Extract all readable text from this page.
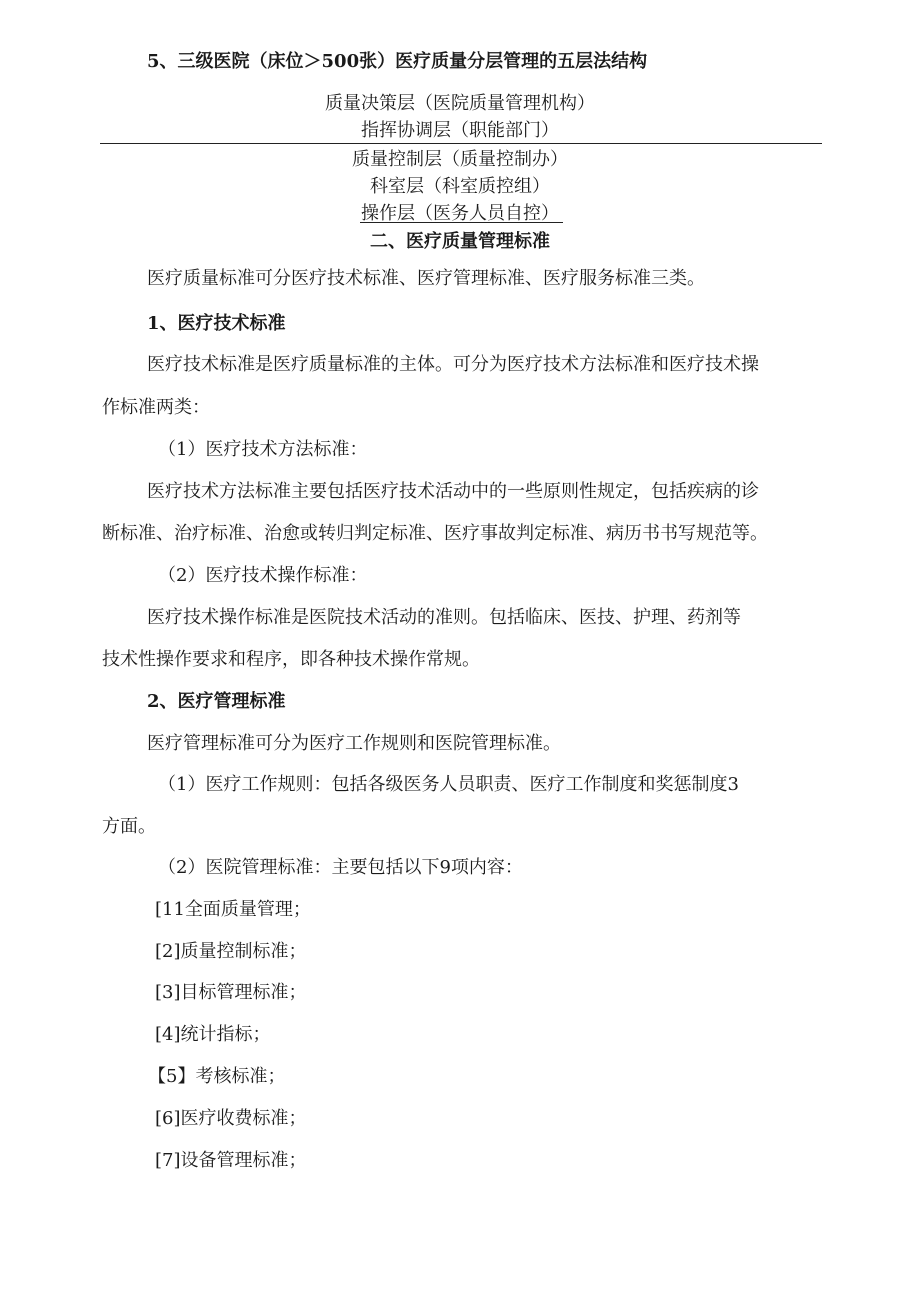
5、三级医院（床位＞500张）医疗质量分层管理的五层法结构
质量决策层（医院质量管理机构）
指挥协调层（职能部门）
质量控制层（质量控制办）
科室层（科室质控组）
操作层（医务人员自控）
二、医疗质量管理标准
医疗质量标准可分医疗技术标准、医疗管理标准、医疗服务标准三类。
1、医疗技术标准
医疗技术标准是医疗质量标准的主体。可分为医疗技术方法标准和医疗技术操
作标准两类：
（1）医疗技术方法标准：
医疗技术方法标准主要包括医疗技术活动中的一些原则性规定，包括疾病的诊
断标准、治疗标准、治愈或转归判定标准、医疗事故判定标准、病历书书写规范等。
（2）医疗技术操作标准：
医疗技术操作标准是医院技术活动的准则。包括临床、医技、护理、药剂等
技术性操作要求和程序，即各种技术操作常规。
2、医疗管理标准
医疗管理标准可分为医疗工作规则和医院管理标准。
（1）医疗工作规则：包括各级医务人员职责、医疗工作制度和奖惩制度3
方面。
（2）医院管理标准：主要包括以下9项内容：
[11全面质量管理；
[2]质量控制标准；
[3]目标管理标准；
[4]统计指标；
【5】考核标准；
[6]医疗收费标准；
[7]设备管理标准；
